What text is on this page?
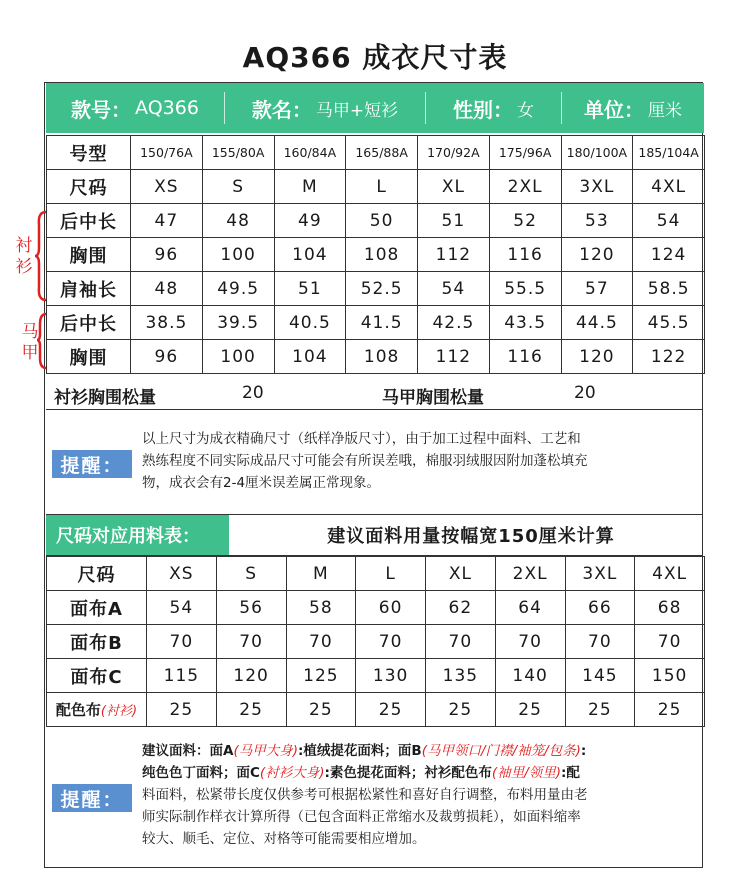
AQ366 成衣尺寸表
款号： AQ366	款名： 马甲+短衫	性别： 女	单位： 厘米
衬
衫
马
甲
号型	150/76A	155/80A	160/84A	165/88A	170/92A	175/96A	180/100A	185/104A
尺码	XS	S	M	L	XL	2XL	3XL	4XL
后中长	47	48	49	50	51	52	53	54
胸围	96	100	104	108	112	116	120	124
肩袖长	48	49.5	51	52.5	54	55.5	57	58.5
后中长	38.5	39.5	40.5	41.5	42.5	43.5	44.5	45.5
胸围	96	100	104	108	112	116	120	122
衬衫胸围松量	20	马甲胸围松量	20
提醒：
以上尺寸为成衣精确尺寸（纸样净版尺寸），由于加工过程中面料、工艺和
熟练程度不同实际成品尺寸可能会有所误差哦，棉服羽绒服因附加蓬松填充
物，成衣会有2-4厘米误差属正常现象。
尺码对应用料表：	建议面料用量按幅宽150厘米计算
尺码	XS	S	M	L	XL	2XL	3XL	4XL
面布A	54	56	58	60	62	64	66	68
面布B	70	70	70	70	70	70	70	70
面布C	115	120	125	130	135	140	145	150
配色布(衬衫)	25	25	25	25	25	25	25	25
提醒：
建议面料：面A(马甲大身):植绒提花面料；面B(马甲领口/门襟/袖笼/包条):
纯色色丁面料；面C(衬衫大身):素色提花面料；衬衫配色布(袖里/领里):配
料面料，松紧带长度仅供参考可根据松紧性和喜好自行调整，布料用量由老
师实际制作样衣计算所得（已包含面料正常缩水及裁剪损耗），如面料缩率
较大、顺毛、定位、对格等可能需要相应增加。
